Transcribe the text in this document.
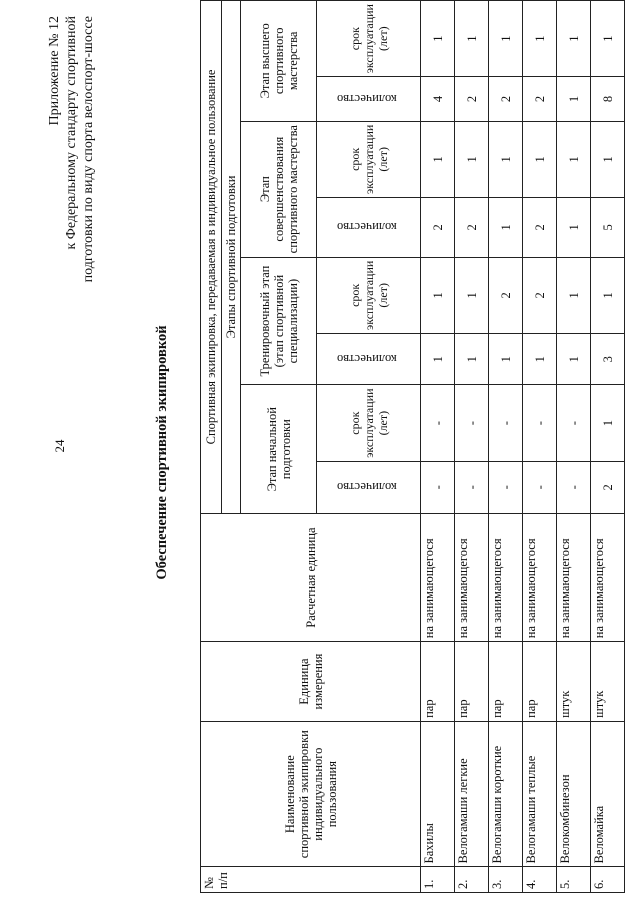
24
Приложение № 12 к Федеральному стандарту спортивной подготовки по виду спорта велоспорт-шоссе
Обеспечение спортивной экипировкой
№ п/п	Наименование спортивной экипировки индивидуального пользования	Единица измерения	Расчетная единица	Спортивная экипировка, передаваемая в индивидуальное пользование							
				Этапы спортивной подготовки							
				Этап начальной подготовки		Тренировочный этап (этап спортивной специализации)		Этап совершенствования спортивного мастерства		Этап высшего спортивного мастерства	
				количество	срок эксплуатации (лет)	количество	срок эксплуатации (лет)	количество	срок эксплуатации (лет)	количество	срок эксплуатации (лет)
1.	Бахилы	пар	на занимающегося	-	-	1	1	2	1	4	1
2.	Велогамаши легкие	пар	на занимающегося	-	-	1	1	2	1	2	1
3.	Велогамаши короткие	пар	на занимающегося	-	-	1	2	1	1	2	1
4.	Велогамаши теплые	пар	на занимающегося	-	-	1	2	2	1	2	1
5.	Велокомбинезон	штук	на занимающегося	-	-	1	1	1	1	1	1
6.	Веломайка	штук	на занимающегося	2	1	3	1	5	1	8	1
